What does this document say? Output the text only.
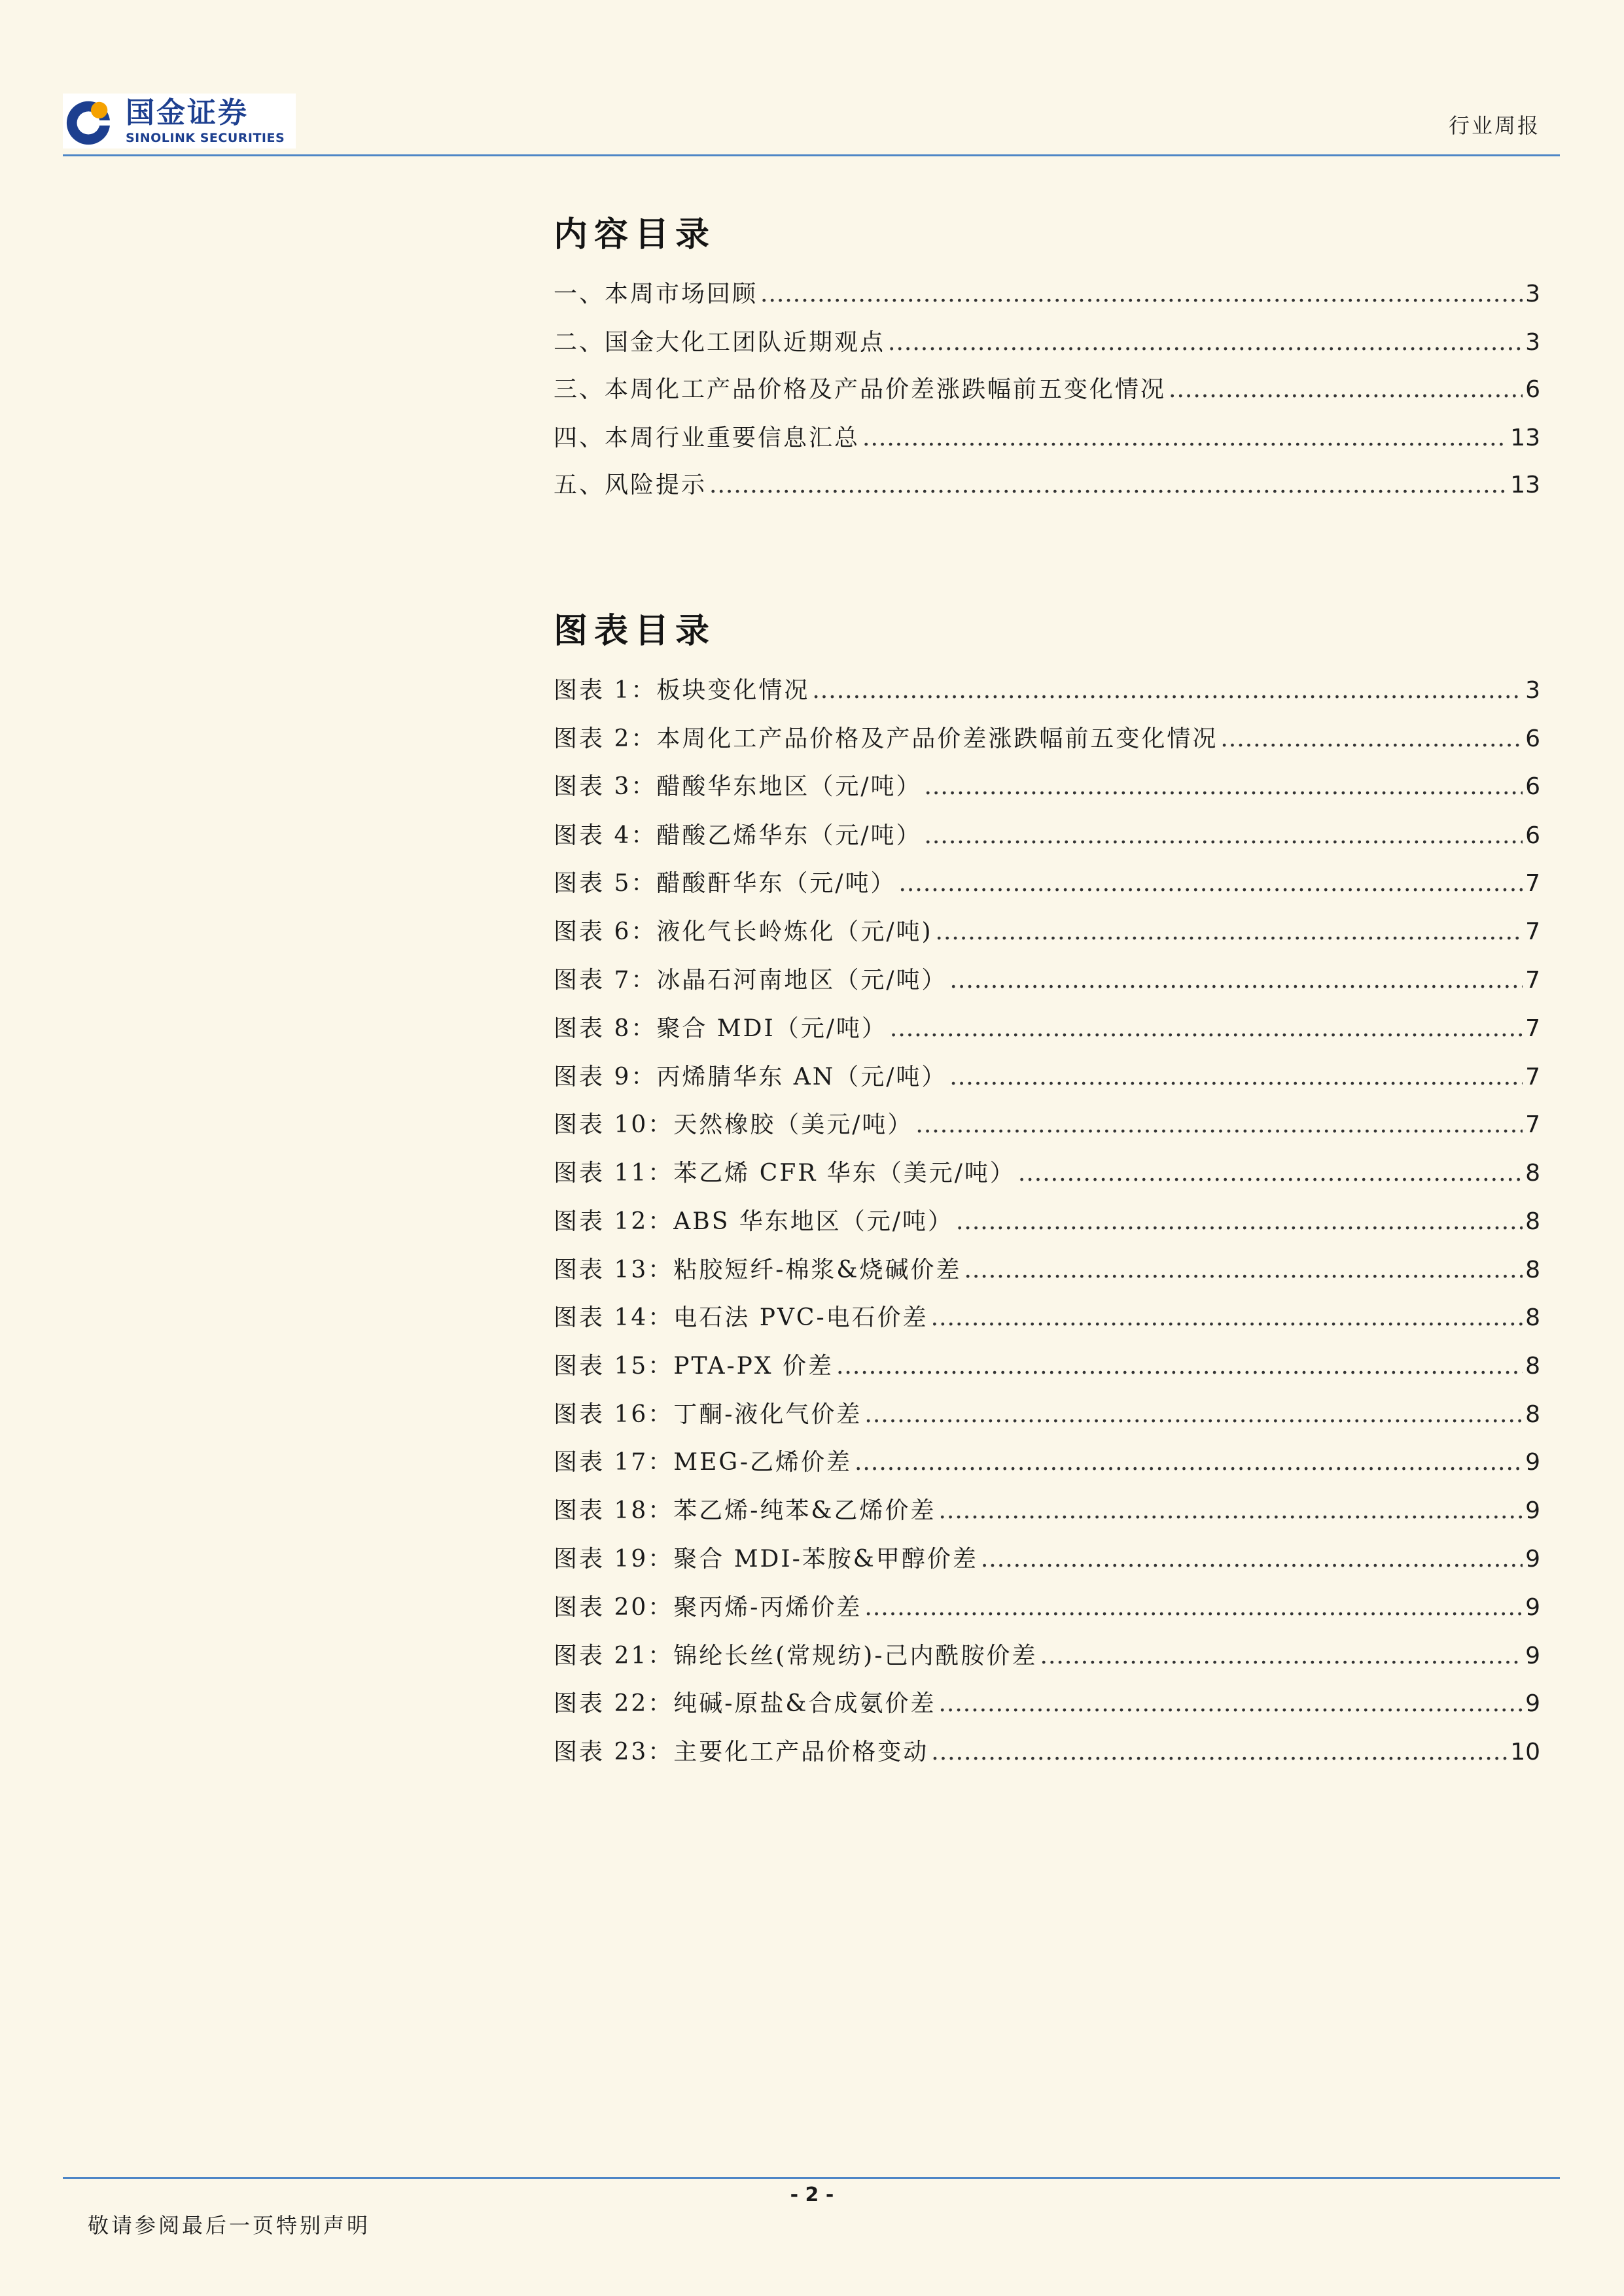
国金证券
SINOLINK SECURITIES	行业周报
内容目录
一、本周市场回顾 .....	3
二、国金大化工团队近期观点 .....	3
三、本周化工产品价格及产品价差涨跌幅前五变化情况 .....	6
四、本周行业重要信息汇总 .....	13
五、风险提示 .....	13
图表目录
图表 1：板块变化情况 .....	3
图表 2：本周化工产品价格及产品价差涨跌幅前五变化情况 .....	6
图表 3：醋酸华东地区（元/吨） .....	6
图表 4：醋酸乙烯华东（元/吨） .....	6
图表 5：醋酸酐华东（元/吨） .....	7
图表 6：液化气长岭炼化（元/吨) .....	7
图表 7：冰晶石河南地区（元/吨） .....	7
图表 8：聚合 MDI（元/吨） .....	7
图表 9：丙烯腈华东 AN（元/吨） .....	7
图表 10：天然橡胶（美元/吨） .....	7
图表 11：苯乙烯 CFR 华东（美元/吨） .....	8
图表 12：ABS 华东地区（元/吨） .....	8
图表 13：粘胶短纤-棉浆&烧碱价差 .....	8
图表 14：电石法 PVC-电石价差 .....	8
图表 15：PTA-PX 价差 .....	8
图表 16：丁酮-液化气价差 .....	8
图表 17：MEG-乙烯价差 .....	9
图表 18：苯乙烯-纯苯&乙烯价差 .....	9
图表 19：聚合 MDI-苯胺&甲醇价差 .....	9
图表 20：聚丙烯-丙烯价差 .....	9
图表 21：锦纶长丝(常规纺)-己内酰胺价差 .....	9
图表 22：纯碱-原盐&合成氨价差 .....	9
图表 23：主要化工产品价格变动 .....	10
- 2 -
敬请参阅最后一页特别声明
